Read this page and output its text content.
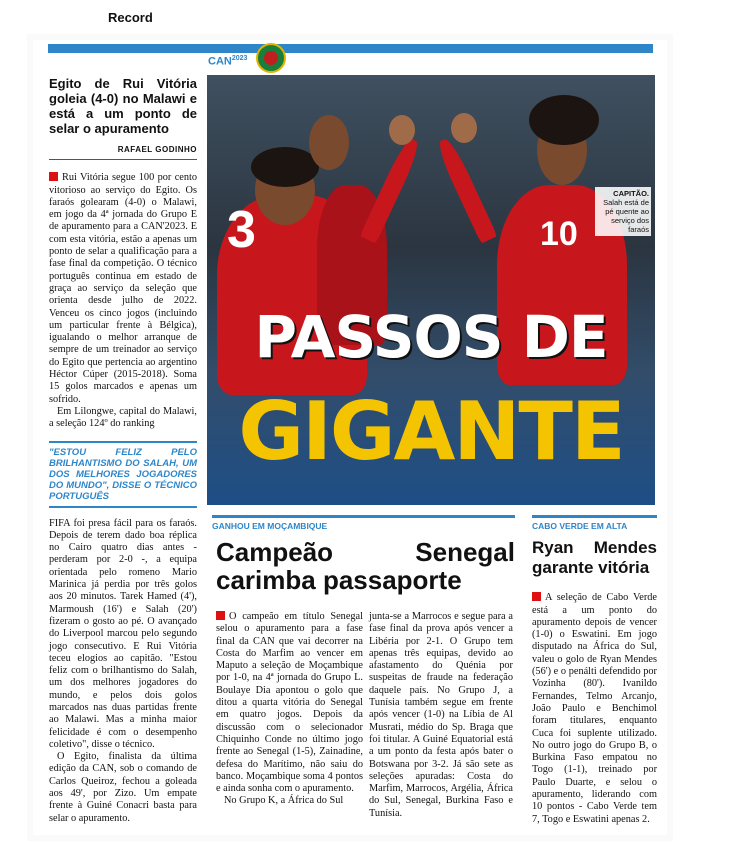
Record
$CAN^{2023}$
Egito de Rui Vitória goleia (4-0) no Malawi e está a um ponto de selar o apuramento
RAFAEL GODINHO
Rui Vitória segue 100 por cento vitorioso ao serviço do Egito. Os faraós golearam (4-0) o Malawi, em jogo da 4ª jornada do Grupo E de apuramento para a CAN'2023. E com esta vitória, estão a apenas um ponto de selar a qualificação para a fase final da competição. O técnico português continua em estado de graça ao serviço da seleção que orienta desde julho de 2022. Venceu os cinco jogos (incluindo um particular frente à Bélgica), igualando o melhor arranque de sempre de um treinador ao serviço do Egito que pertencia ao argentino Héctor Cúper (2015-2018). Soma 15 golos marcados e apenas um sofrido.
Em Lilongwe, capital do Malawi, a seleção 124º do ranking
"ESTOU FELIZ PELO BRILHANTISMO DO SALAH, UM DOS MELHORES JOGADORES DO MUNDO", DISSE O TÉCNICO PORTUGUÊS
FIFA foi presa fácil para os faraós. Depois de terem dado boa réplica no Cairo quatro dias antes - perderam por 2-0 -, a equipa orientada pelo romeno Mario Marinica já perdia por três golos aos 20 minutos. Tarek Hamed (4'), Marmoush (16') e Salah (20') fizeram o gosto ao pé. O avançado do Liverpool marcou pelo segundo jogo consecutivo. E Rui Vitória teceu elogios ao capitão. "Estou feliz com o brilhantismo do Salah, um dos melhores jogadores do mundo, e pelos dois golos marcados nas duas partidas frente ao Malawi. Mas a minha maior felicidade é com o desempenho coletivo", disse o técnico.
O Egito, finalista da última edição da CAN, sob o comando de Carlos Queiroz, fechou a goleada aos 49', por Zizo. Um empate frente à Guiné Conacri basta para selar o apuramento.
3	10
PASSOS DE
GIGANTE
CAPITÃO.
Salah está de pé quente ao serviço dos faraós
GANHOU EM MOÇAMBIQUE
Campeão Senegal carimba passaporte
O campeão em título Senegal selou o apuramento para a fase final da CAN que vai decorrer na Costa do Marfim ao vencer em Maputo a seleção de Moçambique por 1-0, na 4ª jornada do Grupo L. Boulaye Dia apontou o golo que ditou a quarta vitória do Senegal em quatro jogos. Depois da discussão com o selecionador Chiquinho Conde no último jogo frente ao Senegal (1-5), Zainadine, defesa do Marítimo, não saiu do banco. Moçambique soma 4 pontos e ainda sonha com o apuramento.
No Grupo K, a África do Sul
junta-se a Marrocos e segue para a fase final da prova após vencer a Libéria por 2-1. O Grupo tem apenas três equipas, devido ao afastamento do Quénia por suspeitas de fraude na federação daquele país. No Grupo J, a Tunísia também segue em frente após vencer (1-0) na Líbia de Al Musrati, médio do Sp. Braga que foi titular. A Guiné Equatorial está a um ponto da festa após bater o Botswana por 3-2. Já são sete as seleções apuradas: Costa do Marfim, Marrocos, Argélia, África do Sul, Senegal, Burkina Faso e Tunísia.
CABO VERDE EM ALTA
Ryan Mendes garante vitória
A seleção de Cabo Verde está a um ponto do apuramento depois de vencer (1-0) o Eswatini. Em jogo disputado na África do Sul, valeu o golo de Ryan Mendes (56') e o penálti defendido por Vozinha (80'). Ivanildo Fernandes, Telmo Arcanjo, João Paulo e Benchimol foram titulares, enquanto Cuca foi suplente utilizado. No outro jogo do Grupo B, o Burkina Faso empatou no Togo (1-1), treinado por Paulo Duarte, e selou o apuramento, liderando com 10 pontos - Cabo Verde tem 7, Togo e Eswatini apenas 2.
